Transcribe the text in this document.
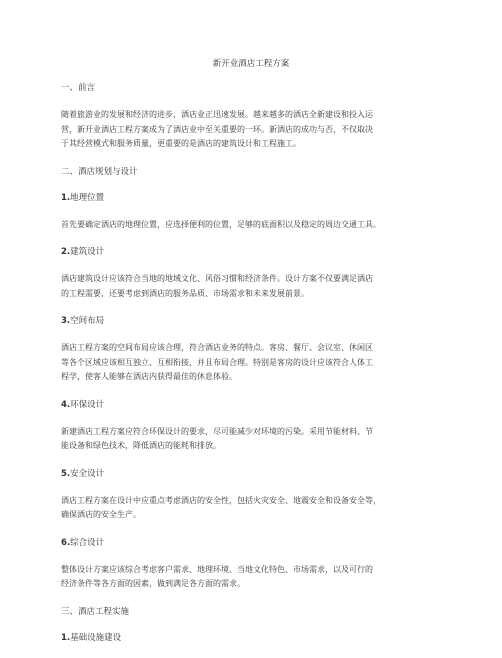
新开业酒店工程方案
一、前言
随着旅游业的发展和经济的进步，酒店业正迅速发展。越来越多的酒店全新建设和投入运
营，新开业酒店工程方案成为了酒店业中至关重要的一环。新酒店的成功与否，不仅取决
于其经营模式和服务质量，更重要的是酒店的建筑设计和工程施工。
二、酒店规划与设计
1.地理位置
首先要确定酒店的地理位置，应选择便利的位置，足够的底面积以及稳定的周边交通工具。
2.建筑设计
酒店建筑设计应该符合当地的地域文化、风俗习惯和经济条件。设计方案不仅要满足酒店
的工程需要，还要考虑到酒店的服务品质、市场需求和未来发展前景。
3.空间布局
酒店工程方案的空间布局应该合理，符合酒店业务的特点。客房、餐厅、会议室、休闲区
等各个区域应该相互独立、互相衔接，并且布局合理。特别是客房的设计应该符合人体工
程学，使客人能够在酒店内获得最佳的休息体验。
4.环保设计
新建酒店工程方案应符合环保设计的要求，尽可能减少对环境的污染。采用节能材料、节
能设备和绿色技术，降低酒店的能耗和排放。
5.安全设计
酒店工程方案在设计中应重点考虑酒店的安全性，包括火灾安全、地震安全和设备安全等，
确保酒店的安全生产。
6.综合设计
整体设计方案应该综合考虑客户需求、地理环境、当地文化特色、市场需求，以及可行的
经济条件等各方面的因素，做到满足各方面的需求。
三、酒店工程实施
1.基础设施建设
